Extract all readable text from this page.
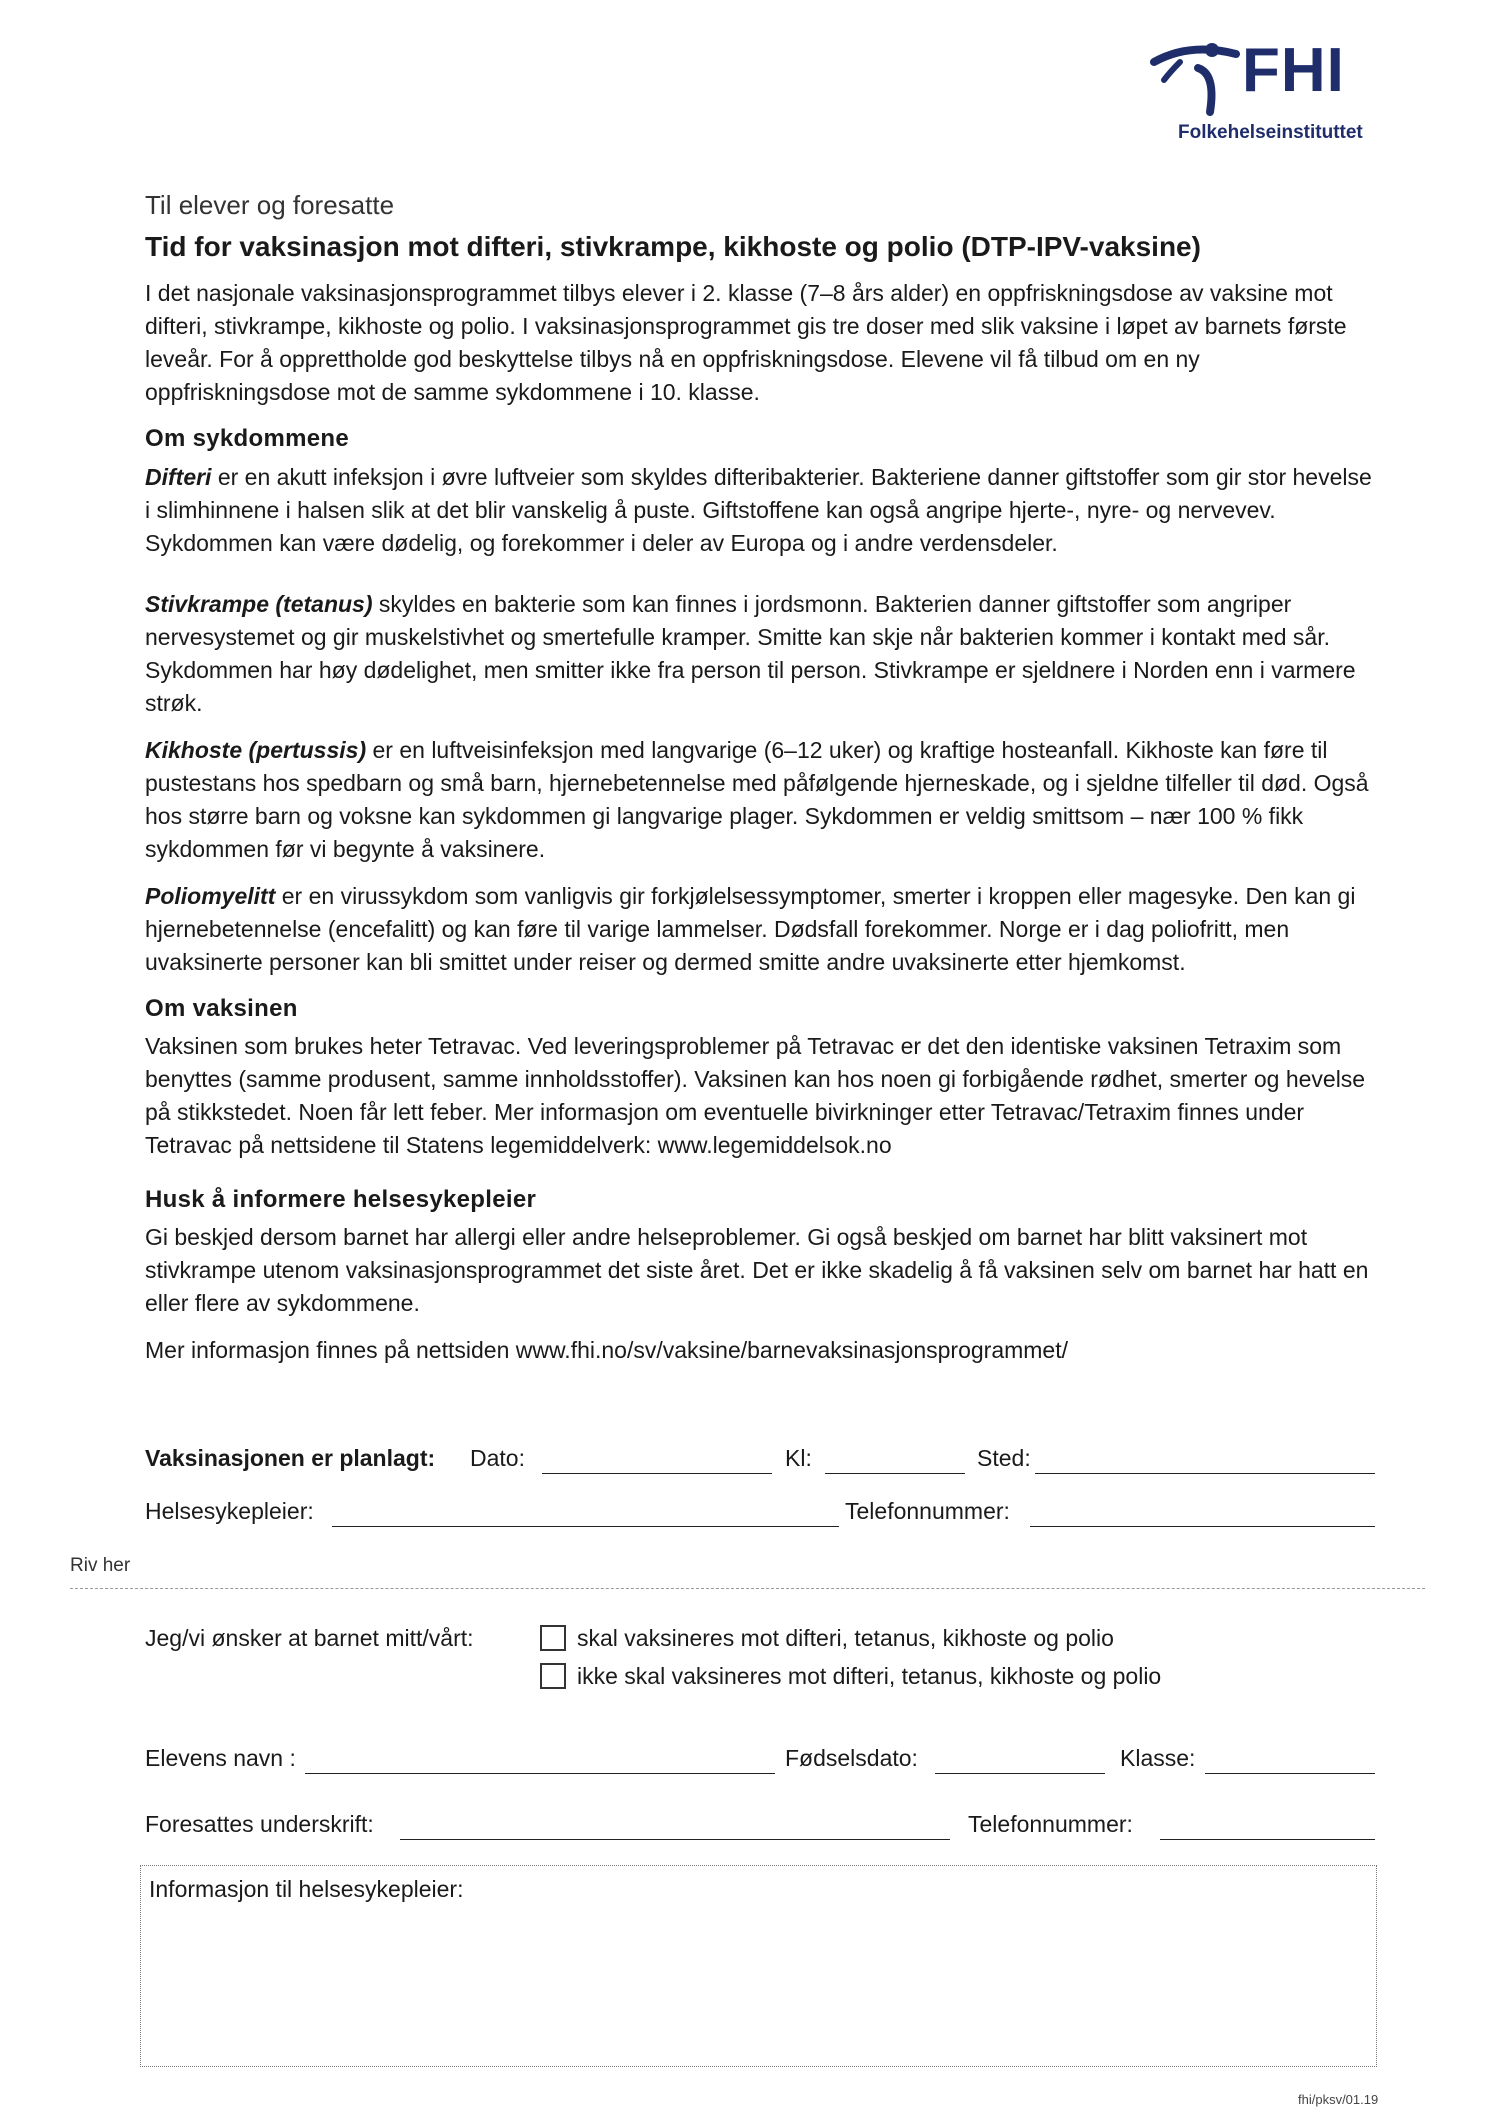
FHI
Folkehelseinstituttet
Til elever og foresatte
Tid for vaksinasjon mot difteri, stivkrampe, kikhoste og polio (DTP-IPV-vaksine)

I det nasjonale vaksinasjonsprogrammet tilbys elever i 2. klasse (7–8 års alder) en oppfriskningsdose av vaksine mot difteri, stivkrampe, kikhoste og polio. I vaksinasjonsprogrammet gis tre doser med slik vaksine i løpet av barnets første leveår. For å opprettholde god beskyttelse tilbys nå en oppfriskningsdose. Elevene vil få tilbud om en ny oppfriskningsdose mot de samme sykdommene i 10. klasse.

Om sykdommene

Difteri er en akutt infeksjon i øvre luftveier som skyldes difteribakterier. Bakteriene danner giftstoffer som gir stor hevelse i slimhinnene i halsen slik at det blir vanskelig å puste. Giftstoffene kan også angripe hjerte-, nyre- og nervevev. Sykdommen kan være dødelig, og forekommer i deler av Europa og i andre verdensdeler.

Stivkrampe (tetanus) skyldes en bakterie som kan finnes i jordsmonn. Bakterien danner giftstoffer som angriper nervesystemet og gir muskelstivhet og smertefulle kramper. Smitte kan skje når bakterien kommer i kontakt med sår. Sykdommen har høy dødelighet, men smitter ikke fra person til person. Stivkrampe er sjeldnere i Norden enn i varmere strøk.

Kikhoste (pertussis) er en luftveisinfeksjon med langvarige (6–12 uker) og kraftige hosteanfall. Kikhoste kan føre til pustestans hos spedbarn og små barn, hjernebetennelse med påfølgende hjerneskade, og i sjeldne tilfeller til død. Også hos større barn og voksne kan sykdommen gi langvarige plager. Sykdommen er veldig smittsom – nær 100 % fikk sykdommen før vi begynte å vaksinere.

Poliomyelitt er en virussykdom som vanligvis gir forkjølelsessymptomer, smerter i kroppen eller magesyke. Den kan gi hjernebetennelse (encefalitt) og kan føre til varige lammelser. Dødsfall forekommer. Norge er i dag poliofritt, men uvaksinerte personer kan bli smittet under reiser og dermed smitte andre uvaksinerte etter hjemkomst.

Om vaksinen

Vaksinen som brukes heter Tetravac. Ved leveringsproblemer på Tetravac er det den identiske vaksinen Tetraxim som benyttes (samme produsent, samme innholdsstoffer). Vaksinen kan hos noen gi forbigående rødhet, smerter og hevelse på stikkstedet. Noen får lett feber. Mer informasjon om eventuelle bivirkninger etter Tetravac/Tetraxim finnes under Tetravac på nettsidene til Statens legemiddelverk: www.legemiddelsok.no

Husk å informere helsesykepleier

Gi beskjed dersom barnet har allergi eller andre helseproblemer. Gi også beskjed om barnet har blitt vaksinert mot stivkrampe utenom vaksinasjonsprogrammet det siste året. Det er ikke skadelig å få vaksinen selv om barnet har hatt en eller flere av sykdommene.

Mer informasjon finnes på nettsiden www.fhi.no/sv/vaksine/barnevaksinasjonsprogrammet/

Vaksinasjonen er planlagt: Dato:	Kl:	Sted:
Helsesykepleier:	Telefonnummer:
Riv her
Jeg/vi ønsker at barnet mitt/vårt:	skal vaksineres mot difteri, tetanus, kikhoste og polio
ikke skal vaksineres mot difteri, tetanus, kikhoste og polio
Elevens navn :	Fødselsdato:	Klasse:
Foresattes underskrift:	Telefonnummer:
Informasjon til helsesykepleier:
fhi/pksv/01.19
